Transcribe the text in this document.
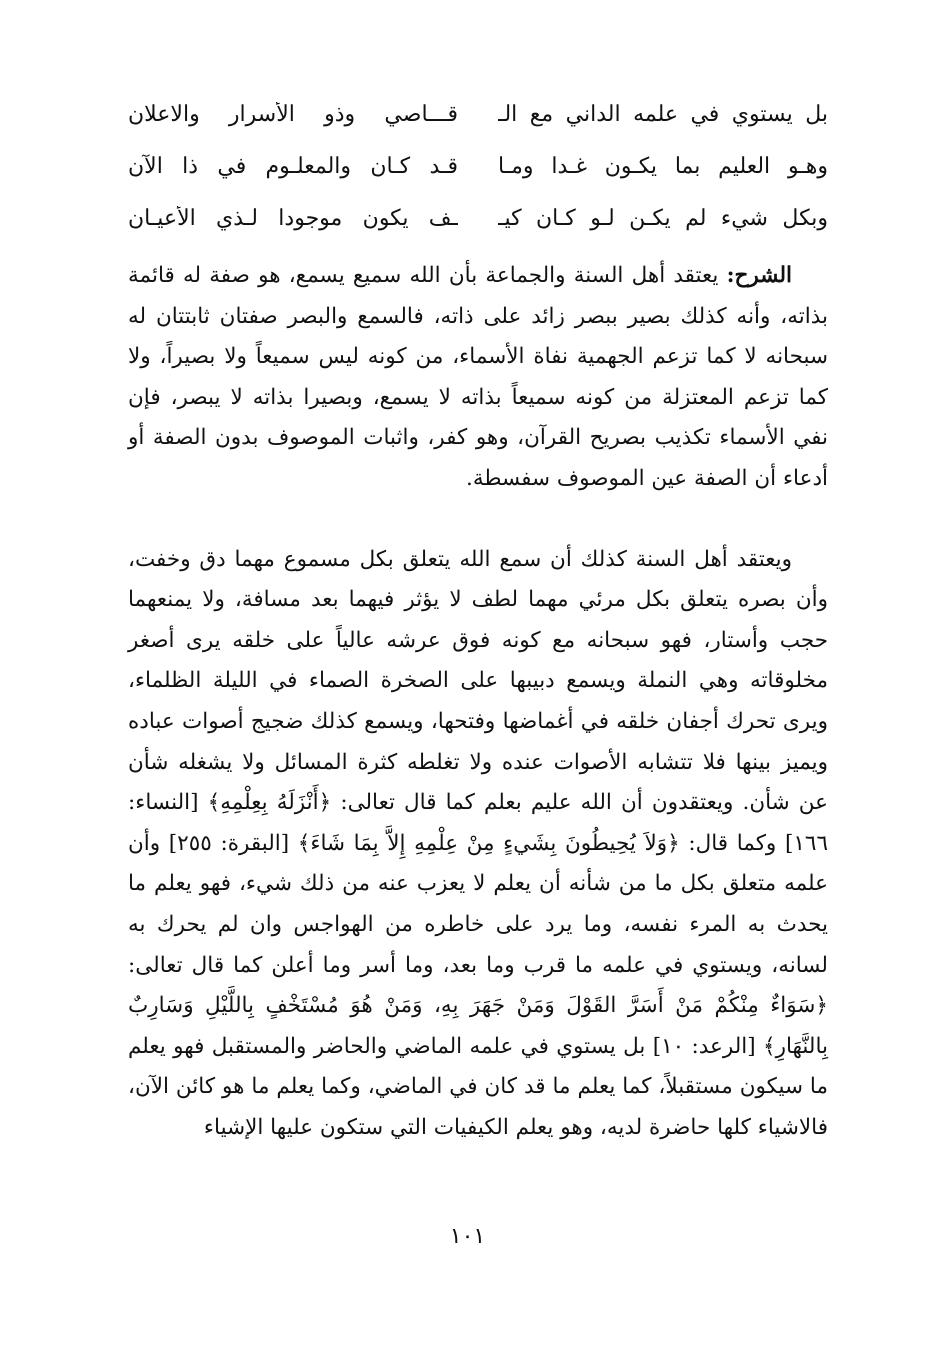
بل يستوي في علمه الداني مع الـ
قـــاصي وذو الأسرار والاعلان
وهـو العليم بما يكـون غـدا ومـا
قـد كـان والمعلـوم في ذا الآن
وبكل شيء لم يكـن لـو كـان كيـ
ـف يكون موجودا لـذي الأعيـان

الشرح: يعتقد أهل السنة والجماعة بأن الله سميع يسمع، هو صفة له قائمة بذاته، وأنه كذلك بصير ببصر زائد على ذاته، فالسمع والبصر صفتان ثابتتان له سبحانه لا كما تزعم الجهمية نفاة الأسماء، من كونه ليس سميعاً ولا بصيراً، ولا كما تزعم المعتزلة من كونه سميعاً بذاته لا يسمع، وبصيرا بذاته لا يبصر، فإن نفي الأسماء تكذيب بصريح القرآن، وهو كفر، واثبات الموصوف بدون الصفة أو أدعاء أن الصفة عين الموصوف سفسطة.

ويعتقد أهل السنة كذلك أن سمع الله يتعلق بكل مسموع مهما دق وخفت، وأن بصره يتعلق بكل مرئي مهما لطف لا يؤثر فيهما بعد مسافة، ولا يمنعهما حجب وأستار، فهو سبحانه مع كونه فوق عرشه عالياً على خلقه يرى أصغر مخلوقاته وهي النملة ويسمع دبيبها على الصخرة الصماء في الليلة الظلماء، ويرى تحرك أجفان خلقه في أغماضها وفتحها، ويسمع كذلك ضجيج أصوات عباده ويميز بينها فلا تتشابه الأصوات عنده ولا تغلطه كثرة المسائل ولا يشغله شأن عن شأن. ويعتقدون أن الله عليم بعلم كما قال تعالى: ﴿أَنْزَلَهُ بِعِلْمِهِ﴾ [النساء: ١٦٦] وكما قال: ﴿وَلاَ يُحِيطُونَ بِشَيءٍ مِنْ عِلْمِهِ إِلاَّ بِمَا شَاءَ﴾ [البقرة: ٢٥٥] وأن علمه متعلق بكل ما من شأنه أن يعلم لا يعزب عنه من ذلك شيء، فهو يعلم ما يحدث به المرء نفسه، وما يرد على خاطره من الهواجس وان لم يحرك به لسانه، ويستوي في علمه ما قرب وما بعد، وما أسر وما أعلن كما قال تعالى: ﴿سَوَاءٌ مِنْكُمْ مَنْ أَسَرَّ القَوْلَ وَمَنْ جَهَرَ بِهِ، وَمَنْ هُوَ مُسْتَخْفٍ بِاللَّيْلِ وَسَارِبٌ بِالنَّهَارِ﴾ [الرعد: ١٠] بل يستوي في علمه الماضي والحاضر والمستقبل فهو يعلم ما سيكون مستقبلاً، كما يعلم ما قد كان في الماضي، وكما يعلم ما هو كائن الآن، فالاشياء كلها حاضرة لديه، وهو يعلم الكيفيات التي ستكون عليها الإشياء

١٠١
